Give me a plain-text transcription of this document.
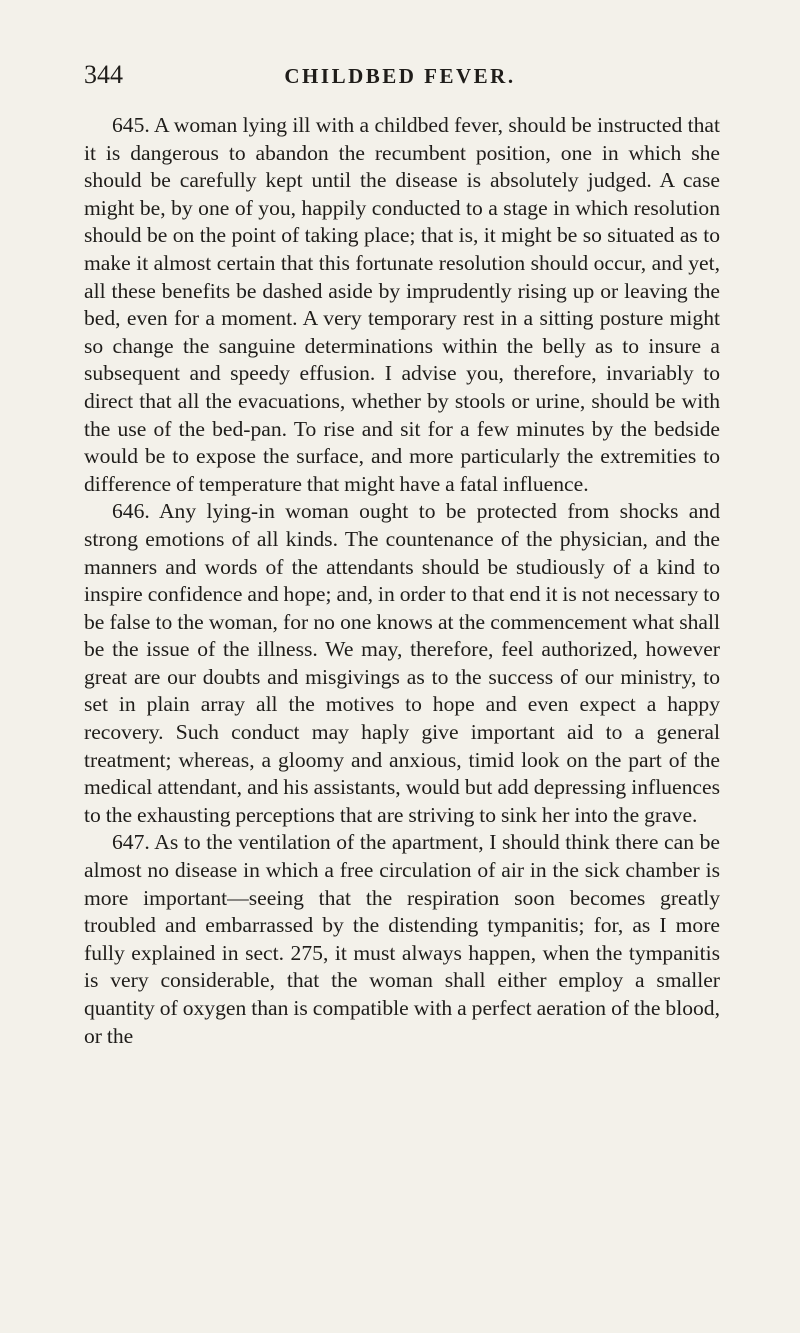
344	CHILDBED FEVER.

645. A woman lying ill with a childbed fever, should be instructed that it is dangerous to abandon the recumbent position, one in which she should be carefully kept until the disease is absolutely judged. A case might be, by one of you, happily conducted to a stage in which resolution should be on the point of taking place; that is, it might be so situated as to make it almost certain that this fortunate resolution should occur, and yet, all these benefits be dashed aside by imprudently rising up or leaving the bed, even for a moment. A very temporary rest in a sitting posture might so change the sanguine determinations within the belly as to insure a subsequent and speedy effusion. I advise you, therefore, invariably to direct that all the evacuations, whether by stools or urine, should be with the use of the bed-pan. To rise and sit for a few minutes by the bedside would be to expose the surface, and more particularly the extremities to difference of temperature that might have a fatal influence.

646. Any lying-in woman ought to be protected from shocks and strong emotions of all kinds. The countenance of the physician, and the manners and words of the attendants should be studiously of a kind to inspire confidence and hope; and, in order to that end it is not necessary to be false to the woman, for no one knows at the commencement what shall be the issue of the illness. We may, therefore, feel authorized, however great are our doubts and misgivings as to the success of our ministry, to set in plain array all the motives to hope and even expect a happy recovery. Such conduct may haply give important aid to a general treatment; whereas, a gloomy and anxious, timid look on the part of the medical attendant, and his assistants, would but add depressing influences to the exhausting perceptions that are striving to sink her into the grave.

647. As to the ventilation of the apartment, I should think there can be almost no disease in which a free circulation of air in the sick chamber is more important—seeing that the respiration soon becomes greatly troubled and embarrassed by the distending tympanitis; for, as I more fully explained in sect. 275, it must always happen, when the tympanitis is very considerable, that the woman shall either employ a smaller quantity of oxygen than is compatible with a perfect aeration of the blood, or the
